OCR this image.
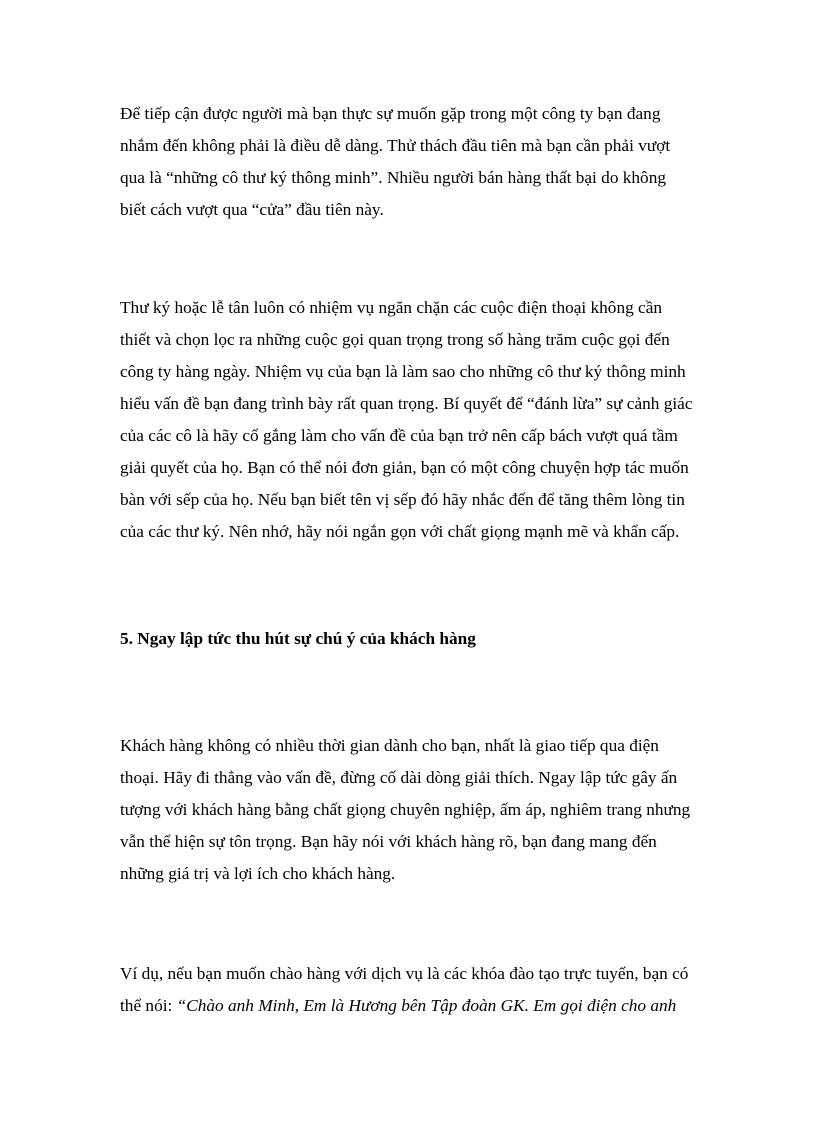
Để tiếp cận được người mà bạn thực sự muốn gặp trong một công ty bạn đang
nhắm đến không phải là điều dễ dàng. Thử thách đầu tiên mà bạn cần phải vượt
qua là “những cô thư ký thông minh”. Nhiều người bán hàng thất bại do không
biết cách vượt qua “cửa” đầu tiên này.
Thư ký hoặc lễ tân luôn có nhiệm vụ ngăn chặn các cuộc điện thoại không cần
thiết và chọn lọc ra những cuộc gọi quan trọng trong số hàng trăm cuộc gọi đến
công ty hàng ngày. Nhiệm vụ của bạn là làm sao cho những cô thư ký thông minh
hiểu vấn đề bạn đang trình bày rất quan trọng. Bí quyết để “đánh lừa” sự cảnh giác
của các cô là hãy cố gắng làm cho vấn đề của bạn trở nên cấp bách vượt quá tầm
giải quyết của họ. Bạn có thể nói đơn giản, bạn có một công chuyện hợp tác muốn
bàn với sếp của họ. Nếu bạn biết tên vị sếp đó hãy nhắc đến để tăng thêm lòng tin
của các thư ký. Nên nhớ, hãy nói ngắn gọn với chất giọng mạnh mẽ và khẩn cấp.
5. Ngay lập tức thu hút sự chú ý của khách hàng
Khách hàng không có nhiều thời gian dành cho bạn, nhất là giao tiếp qua điện
thoại. Hãy đi thẳng vào vấn đề, đừng cố dài dòng giải thích. Ngay lập tức gây ấn
tượng với khách hàng bằng chất giọng chuyên nghiệp, ấm áp, nghiêm trang nhưng
vẫn thể hiện sự tôn trọng. Bạn hãy nói với khách hàng rõ, bạn đang mang đến
những giá trị và lợi ích cho khách hàng.
Ví dụ, nếu bạn muốn chào hàng với dịch vụ là các khóa đào tạo trực tuyến, bạn có
thể nói: “Chào anh Minh, Em là Hương bên Tập đoàn GK. Em gọi điện cho anh
